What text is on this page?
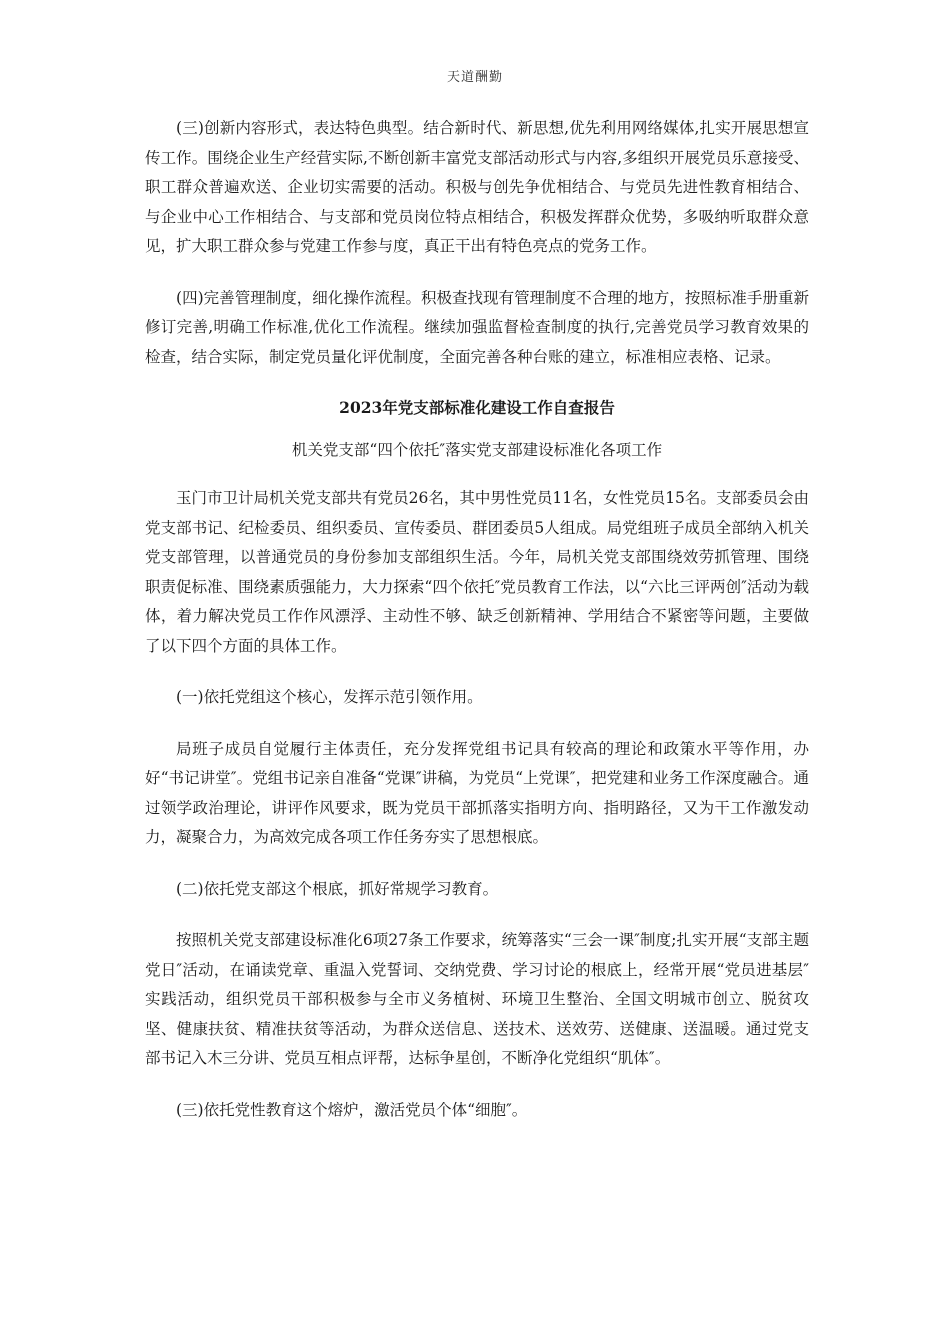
天道酬勤

(三)创新内容形式，表达特色典型。结合新时代、新思想,优先利用网络媒体,扎实开展思想宣传工作。围绕企业生产经营实际,不断创新丰富党支部活动形式与内容,多组织开展党员乐意接受、职工群众普遍欢送、企业切实需要的活动。积极与创先争优相结合、与党员先进性教育相结合、与企业中心工作相结合、与支部和党员岗位特点相结合，积极发挥群众优势，多吸纳听取群众意见，扩大职工群众参与党建工作参与度，真正干出有特色亮点的党务工作。

(四)完善管理制度，细化操作流程。积极查找现有管理制度不合理的地方，按照标准手册重新修订完善,明确工作标准,优化工作流程。继续加强监督检查制度的执行,完善党员学习教育效果的检查，结合实际，制定党员量化评优制度，全面完善各种台账的建立，标准相应表格、记录。

2023年党支部标准化建设工作自查报告
机关党支部“四个依托″落实党支部建设标准化各项工作

玉门市卫计局机关党支部共有党员26名，其中男性党员11名，女性党员15名。支部委员会由党支部书记、纪检委员、组织委员、宣传委员、群团委员5人组成。局党组班子成员全部纳入机关党支部管理，以普通党员的身份参加支部组织生活。今年，局机关党支部围绕效劳抓管理、围绕职责促标准、围绕素质强能力，大力探索“四个依托″党员教育工作法，以“六比三评两创″活动为载体，着力解决党员工作作风漂浮、主动性不够、缺乏创新精神、学用结合不紧密等问题，主要做了以下四个方面的具体工作。

(一)依托党组这个核心，发挥示范引领作用。

局班子成员自觉履行主体责任，充分发挥党组书记具有较高的理论和政策水平等作用，办好“书记讲堂″。党组书记亲自准备“党课″讲稿，为党员“上党课″，把党建和业务工作深度融合。通过领学政治理论，讲评作风要求，既为党员干部抓落实指明方向、指明路径，又为干工作激发动力，凝聚合力，为高效完成各项工作任务夯实了思想根底。

(二)依托党支部这个根底，抓好常规学习教育。

按照机关党支部建设标准化6项27条工作要求，统筹落实“三会一课″制度;扎实开展“支部主题党日″活动，在诵读党章、重温入党誓词、交纳党费、学习讨论的根底上，经常开展“党员进基层″实践活动，组织党员干部积极参与全市义务植树、环境卫生整治、全国文明城市创立、脱贫攻坚、健康扶贫、精准扶贫等活动，为群众送信息、送技术、送效劳、送健康、送温暖。通过党支部书记入木三分讲、党员互相点评帮，达标争星创，不断净化党组织“肌体″。

(三)依托党性教育这个熔炉，激活党员个体“细胞″。
